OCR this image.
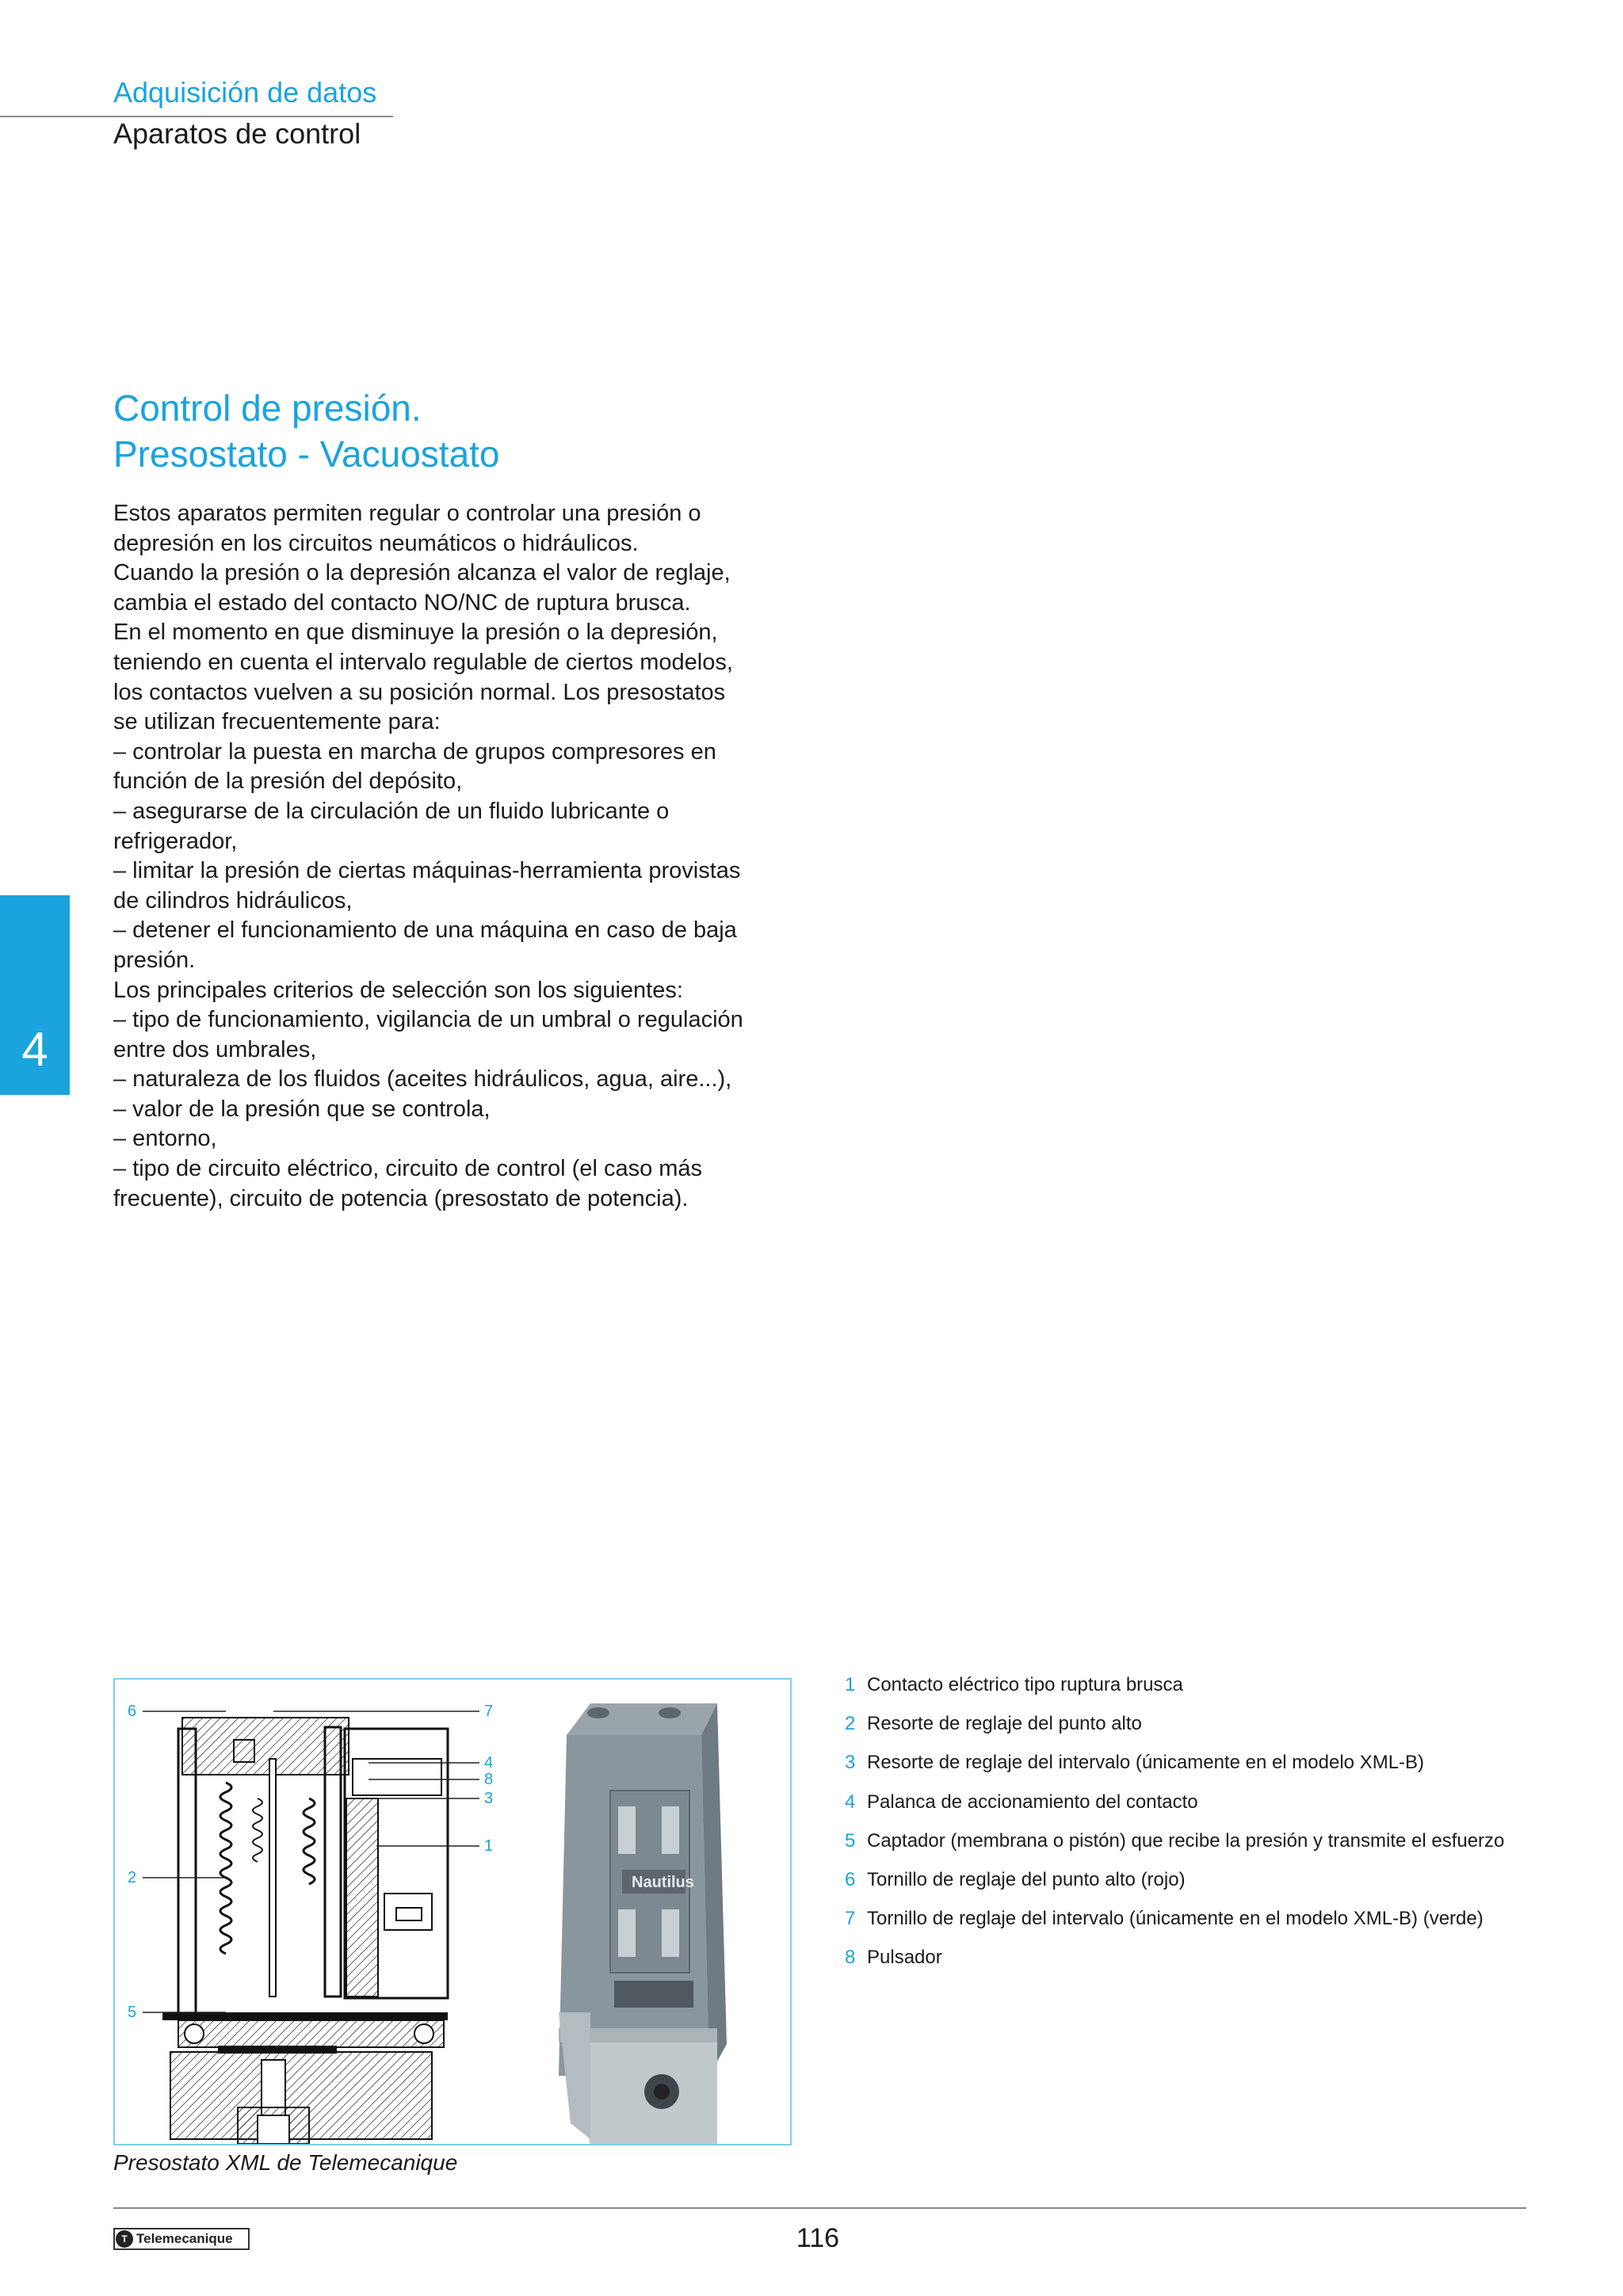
Adquisición de datos
Aparatos de control
Control de presión.
Presostato - Vacuostato
Estos aparatos permiten regular o controlar una presión o
depresión en los circuitos neumáticos o hidráulicos.
Cuando la presión o la depresión alcanza el valor de reglaje,
cambia el estado del contacto NO/NC de ruptura brusca.
En el momento en que disminuye la presión o la depresión,
teniendo en cuenta el intervalo regulable de ciertos modelos,
los contactos vuelven a su posición normal. Los presostatos
se utilizan frecuentemente para:
– controlar la puesta en marcha de grupos compresores en
función de la presión del depósito,
– asegurarse de la circulación de un fluido lubricante o
refrigerador,
– limitar la presión de ciertas máquinas-herramienta provistas
de cilindros hidráulicos,
– detener el funcionamiento de una máquina en caso de baja
presión.
Los principales criterios de selección son los siguientes:
– tipo de funcionamiento, vigilancia de un umbral o regulación
entre dos umbrales,
– naturaleza de los fluidos (aceites hidráulicos, agua, aire...),
– valor de la presión que se controla,
– entorno,
– tipo de circuito eléctrico, circuito de control (el caso más
frecuente), circuito de potencia (presostato de potencia).
4
6
2
5
7
4
8
3
1
Nautilus
Presostato XML de Telemecanique
1 Contacto eléctrico tipo ruptura brusca
2 Resorte de reglaje del punto alto
3 Resorte de reglaje del intervalo (únicamente en el modelo XML-B)
4 Palanca de accionamiento del contacto
5 Captador (membrana o pistón) que recibe la presión y transmite el esfuerzo
6 Tornillo de reglaje del punto alto (rojo)
7 Tornillo de reglaje del intervalo (únicamente en el modelo XML-B) (verde)
8 Pulsador
T Telemecanique	116
